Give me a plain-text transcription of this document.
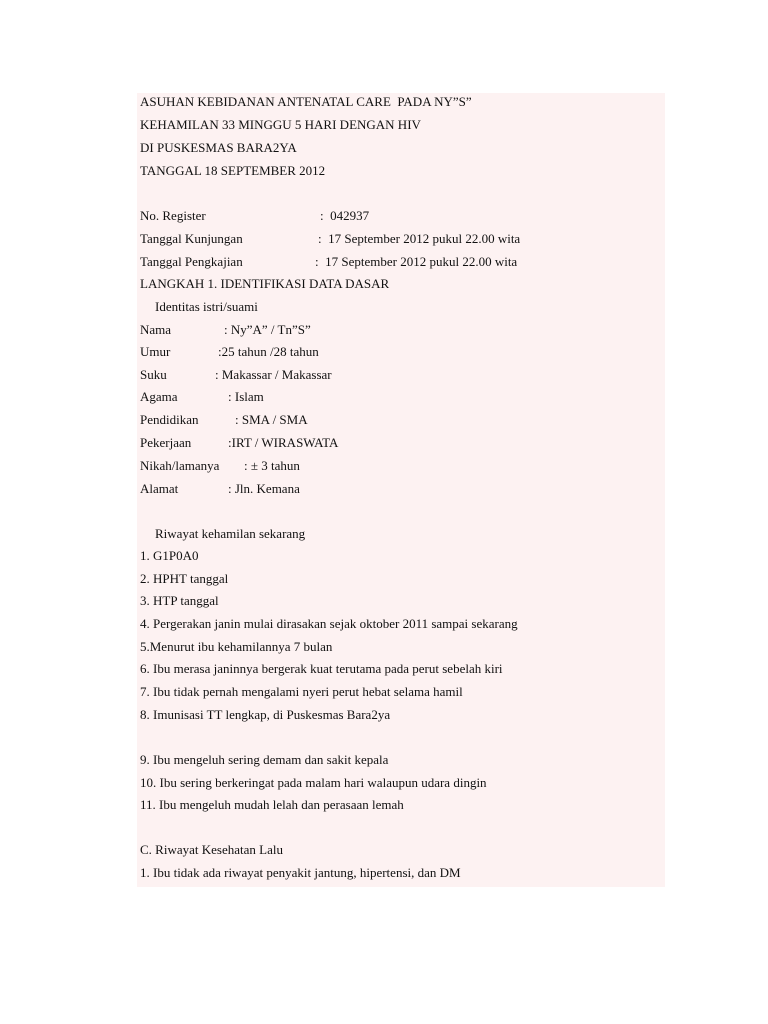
ASUHAN KEBIDANAN ANTENATAL CARE  PADA NY”S”
KEHAMILAN 33 MINGGU 5 HARI DENGAN HIV
DI PUSKESMAS BARA2YA
TANGGAL 18 SEPTEMBER 2012

No. Register

	:  042937

Tanggal Kunjungan

	:  17 September 2012 pukul 22.00 wita

Tanggal Pengkajian

	:  17 September 2012 pukul 22.00 wita

LANGKAH 1. IDENTIFIKASI DATA DASAR
Identitas istri/suami

Nama

	: Ny”A” / Tn”S”

Umur

	:25 tahun /28 tahun

Suku

	: Makassar / Makassar

Agama

	: Islam

Pendidikan

	: SMA / SMA

Pekerjaan

	:IRT / WIRASWATA

Nikah/lamanya

: ± 3 tahun

Alamat

	: Jln. Kemana

Riwayat kehamilan sekarang
1. G1P0A0
2. HPHT tanggal
3. HTP tanggal
4. Pergerakan janin mulai dirasakan sejak oktober 2011 sampai sekarang
5.Menurut ibu kehamilannya 7 bulan
6. Ibu merasa janinnya bergerak kuat terutama pada perut sebelah kiri
7. Ibu tidak pernah mengalami nyeri perut hebat selama hamil
8. Imunisasi TT lengkap, di Puskesmas Bara2ya
9. Ibu mengeluh sering demam dan sakit kepala
10. Ibu sering berkeringat pada malam hari walaupun udara dingin
11. Ibu mengeluh mudah lelah dan perasaan lemah
C. Riwayat Kesehatan Lalu
1. Ibu tidak ada riwayat penyakit jantung, hipertensi, dan DM
